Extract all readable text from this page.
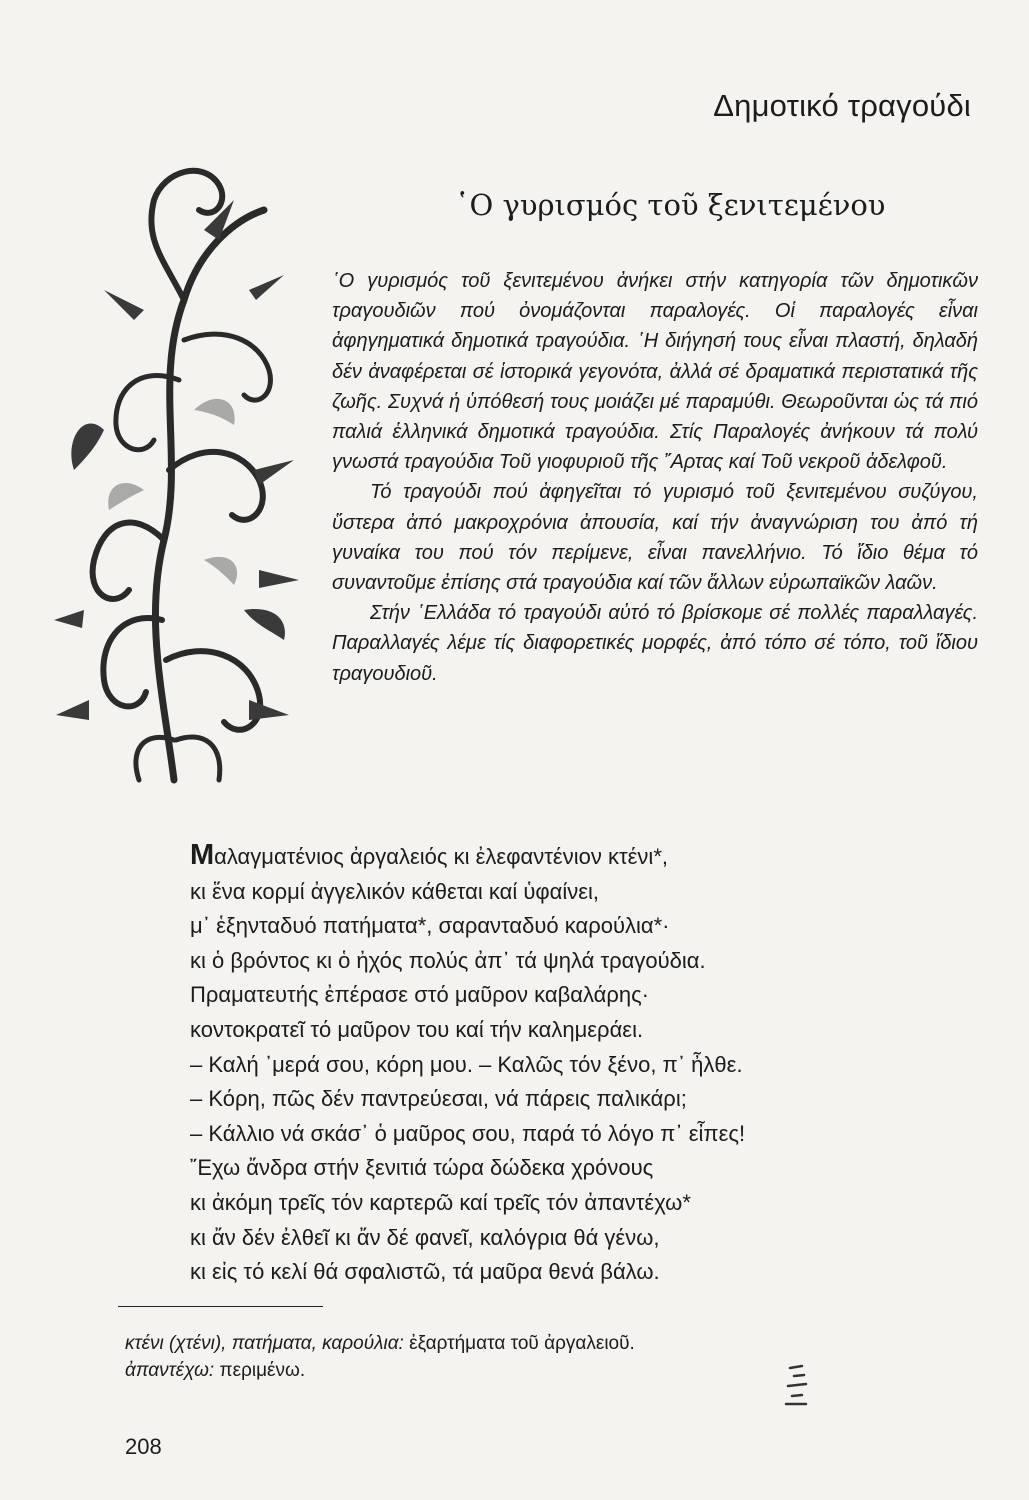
Δημοτικό τραγούδι
῾Ο γυρισμός τοῦ ξενιτεμένου

῾Ο γυρισμός τοῦ ξενιτεμένου ἀνήκει στήν κατηγορία τῶν δημοτικῶν τραγουδιῶν πού ὀνομάζονται παραλογές. Οἱ παραλογές εἶναι ἀφηγηματικά δημοτικά τραγούδια. ῾Η διήγησή τους εἶναι πλαστή, δηλαδή δέν ἀναφέρεται σέ ἱστορικά γεγονότα, ἀλλά σέ δραματικά περιστατικά τῆς ζωῆς. Συχνά ἡ ὑπόθεσή τους μοιάζει μέ παραμύθι. Θεωροῦνται ὡς τά πιό παλιά ἑλληνικά δημοτικά τραγούδια. Στίς Παραλογές ἀνήκουν τά πολύ γνωστά τραγούδια Τοῦ γιοφυριοῦ τῆς ῎Αρτας καί Τοῦ νεκροῦ ἀδελφοῦ.

Τό τραγούδι πού ἀφηγεῖται τό γυρισμό τοῦ ξενιτεμένου συζύγου, ὕστερα ἀπό μακροχρόνια ἀπουσία, καί τήν ἀναγνώριση του ἀπό τή γυναίκα του πού τόν περίμενε, εἶναι πανελλήνιο. Τό ἴδιο θέμα τό συναντοῦμε ἐπίσης στά τραγούδια καί τῶν ἄλλων εὐρωπαϊκῶν λαῶν.

Στήν ῾Ελλάδα τό τραγούδι αὐτό τό βρίσκομε σέ πολλές παραλλαγές. Παραλλαγές λέμε τίς διαφορετικές μορφές, ἀπό τόπο σέ τόπο, τοῦ ἴδιου τραγουδιοῦ.

Μαλαγματένιος ἀργαλειός κι ἐλεφαντένιον κτένι*,
κι ἕνα κορμί ἀγγελικόν κάθεται καί ὑφαίνει,
μ᾿ ἑξηνταδυό πατήματα*, σαρανταδυό καρούλια*·
κι ὁ βρόντος κι ὁ ἠχός πολύς ἀπ᾿ τά ψηλά τραγούδια.
Πραματευτής ἐπέρασε στό μαῦρον καβαλάρης·
κοντοκρατεῖ τό μαῦρον του καί τήν καλημεράει.
– Καλή ᾿μερά σου, κόρη μου. – Καλῶς τόν ξένο, π᾿ ἦλθε.
– Κόρη, πῶς δέν παντρεύεσαι, νά πάρεις παλικάρι;
– Κάλλιο νά σκάσ᾿ ὁ μαῦρος σου, παρά τό λόγο π᾿ εἶπες!
῎Εχω ἄνδρα στήν ξενιτιά τώρα δώδεκα χρόνους
κι ἀκόμη τρεῖς τόν καρτερῶ καί τρεῖς τόν ἀπαντέχω*
κι ἄν δέν ἐλθεῖ κι ἄν δέ φανεῖ, καλόγρια θά γένω,
κι εἰς τό κελί θά σφαλιστῶ, τά μαῦρα θενά βάλω.
κτένι (χτένι), πατήματα, καρούλια: ἐξαρτήματα τοῦ ἀργαλειοῦ.
ἀπαντέχω: περιμένω.
208
